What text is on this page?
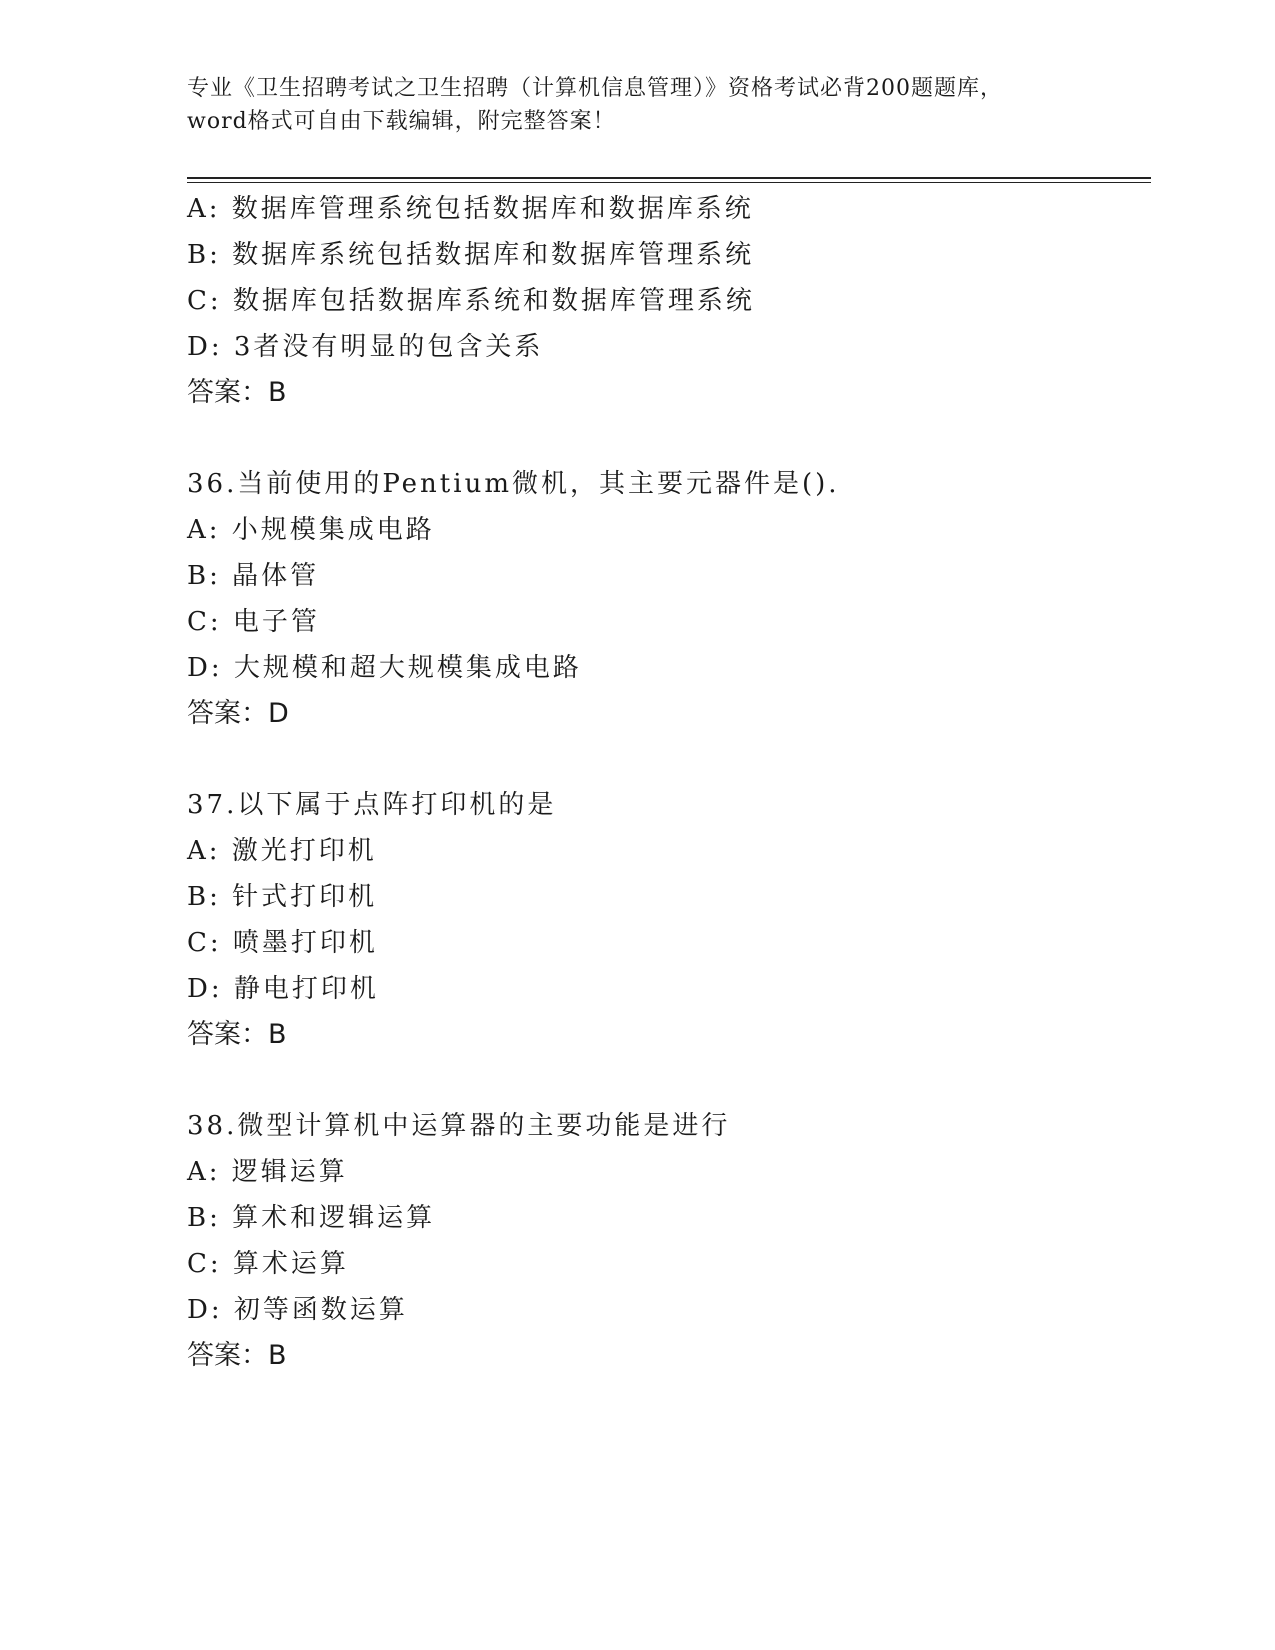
专业《卫生招聘考试之卫生招聘（计算机信息管理）》资格考试必背200题题库，
word格式可自由下载编辑，附完整答案！
A: 数据库管理系统包括数据库和数据库系统
B: 数据库系统包括数据库和数据库管理系统
C: 数据库包括数据库系统和数据库管理系统
D: 3者没有明显的包含关系
答案：B
36.当前使用的Pentium微机，其主要元器件是().
A: 小规模集成电路
B: 晶体管
C: 电子管
D: 大规模和超大规模集成电路
答案：D
37.以下属于点阵打印机的是
A: 激光打印机
B: 针式打印机
C: 喷墨打印机
D: 静电打印机
答案：B
38.微型计算机中运算器的主要功能是进行
A: 逻辑运算
B: 算术和逻辑运算
C: 算术运算
D: 初等函数运算
答案：B
